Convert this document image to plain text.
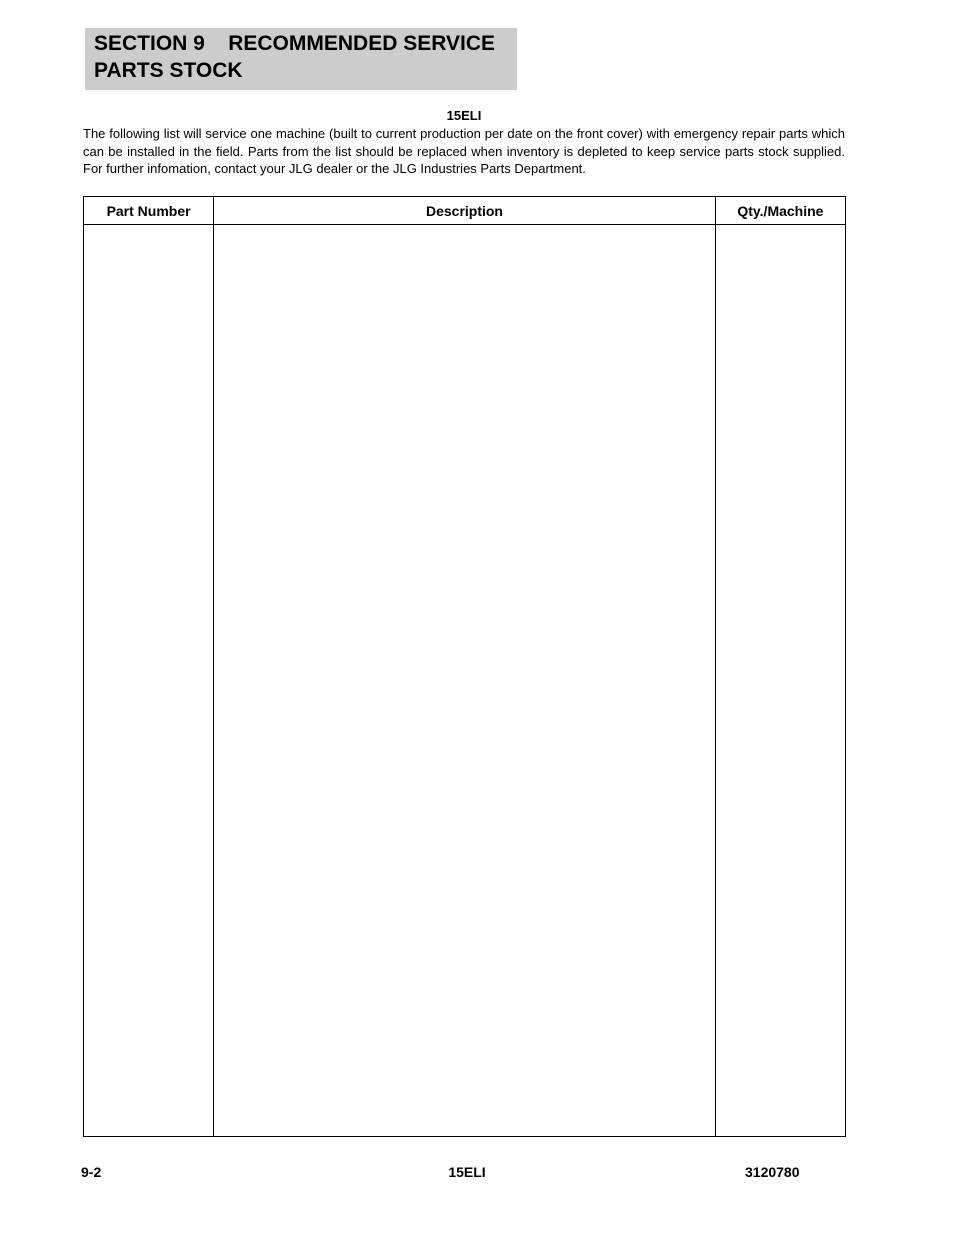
SECTION 9    RECOMMENDED SERVICE
PARTS STOCK
15ELI

The following list will service one machine (built to current production per date on the front cover) with emergency repair parts which can be installed in the field. Parts from the list should be replaced when inventory is depleted to keep service parts stock supplied. For further infomation, contact your JLG dealer or the JLG Industries Parts Department.

Part Number	Description	Qty./Machine

9-2	15ELI	3120780
